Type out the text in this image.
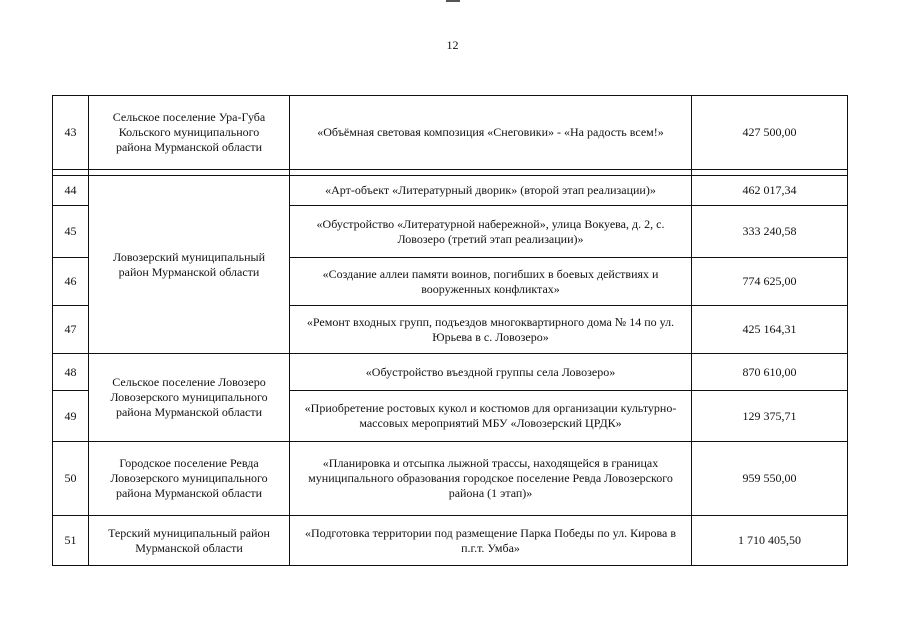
12
43	Сельское поселение Ура-Губа Кольского муниципального района Мурманской области	«Объёмная световая композиция «Снеговики» - «На радость всем!»	427 500,00

44	Ловозерский муниципальный район Мурманской области	«Арт-объект «Литературный дворик» (второй этап реализации)»	462 017,34
45		«Обустройство «Литературной набережной», улица Вокуева, д. 2, с. Ловозеро (третий этап реализации)»	333 240,58
46		«Создание аллеи памяти воинов, погибших в боевых действиях и вооруженных конфликтах»	774 625,00
47		«Ремонт входных групп, подъездов многоквартирного дома № 14 по ул. Юрьева в с. Ловозеро»	425 164,31
48	Сельское поселение Ловозеро Ловозерского муниципального района Мурманской области	«Обустройство въездной группы села Ловозеро»	870 610,00
49		«Приобретение ростовых кукол и костюмов для организации культурно-массовых мероприятий МБУ «Ловозерский ЦРДК»	129 375,71
50	Городское поселение Ревда Ловозерского муниципального района Мурманской области	«Планировка и отсыпка лыжной трассы, находящейся в границах муниципального образования городское поселение Ревда Ловозерского района (1 этап)»	959 550,00
51	Терский муниципальный район Мурманской области	«Подготовка территории под размещение Парка Победы по ул. Кирова в п.г.т. Умба»	1 710 405,50
